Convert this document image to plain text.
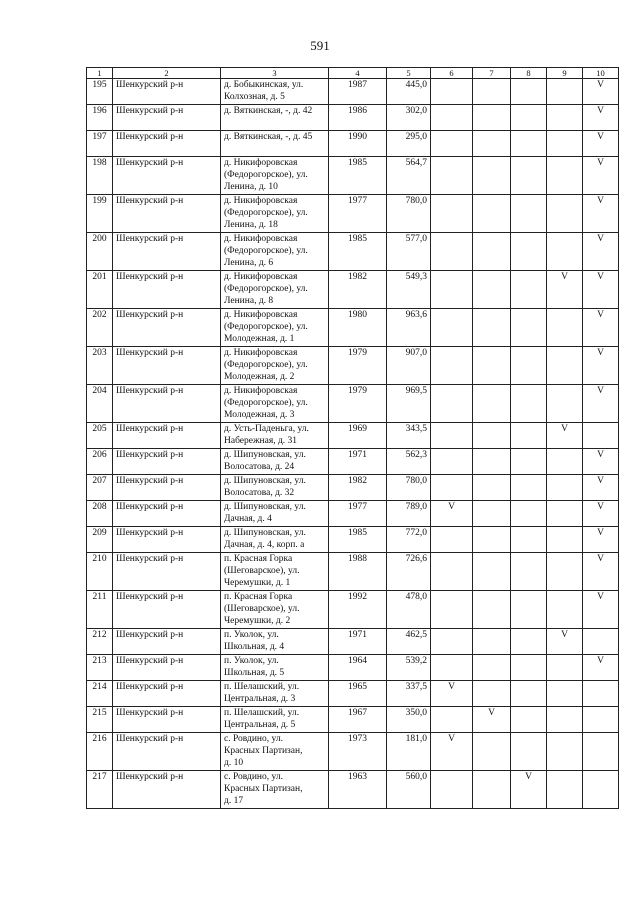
591
1	2	3	4	5	6	7	8	9	10
195	Шенкурский р-н	д. Бобыкинская, ул.
Колхозная, д. 5	1987	445,0					V
196	Шенкурский р-н	д. Вяткинская, -, д. 42	1986	302,0					V
197	Шенкурский р-н	д. Вяткинская, -, д. 45	1990	295,0					V
198	Шенкурский р-н	д. Никифоровская
(Федорогорское), ул.
Ленина, д. 10	1985	564,7					V
199	Шенкурский р-н	д. Никифоровская
(Федорогорское), ул.
Ленина, д. 18	1977	780,0					V
200	Шенкурский р-н	д. Никифоровская
(Федорогорское), ул.
Ленина, д. 6	1985	577,0					V
201	Шенкурский р-н	д. Никифоровская
(Федорогорское), ул.
Ленина, д. 8	1982	549,3				V	V
202	Шенкурский р-н	д. Никифоровская
(Федорогорское), ул.
Молодежная, д. 1	1980	963,6					V
203	Шенкурский р-н	д. Никифоровская
(Федорогорское), ул.
Молодежная, д. 2	1979	907,0					V
204	Шенкурский р-н	д. Никифоровская
(Федорогорское), ул.
Молодежная, д. 3	1979	969,5					V
205	Шенкурский р-н	д. Усть-Паденьга, ул.
Набережная, д. 31	1969	343,5				V	
206	Шенкурский р-н	д. Шипуновская, ул.
Волосатова, д. 24	1971	562,3					V
207	Шенкурский р-н	д. Шипуновская, ул.
Волосатова, д. 32	1982	780,0					V
208	Шенкурский р-н	д. Шипуновская, ул.
Дачная, д. 4	1977	789,0	V				V
209	Шенкурский р-н	д. Шипуновская, ул.
Дачная, д. 4, корп. а	1985	772,0					V
210	Шенкурский р-н	п. Красная Горка
(Шеговарское), ул.
Черемушки, д. 1	1988	726,6					V
211	Шенкурский р-н	п. Красная Горка
(Шеговарское), ул.
Черемушки, д. 2	1992	478,0					V
212	Шенкурский р-н	п. Уколок, ул.
Школьная, д. 4	1971	462,5				V	
213	Шенкурский р-н	п. Уколок, ул.
Школьная, д. 5	1964	539,2					V
214	Шенкурский р-н	п. Шелашский, ул.
Центральная, д. 3	1965	337,5	V				
215	Шенкурский р-н	п. Шелашский, ул.
Центральная, д. 5	1967	350,0		V			
216	Шенкурский р-н	с. Ровдино, ул.
Красных Партизан,
д. 10	1973	181,0	V				
217	Шенкурский р-н	с. Ровдино, ул.
Красных Партизан,
д. 17	1963	560,0			V		
